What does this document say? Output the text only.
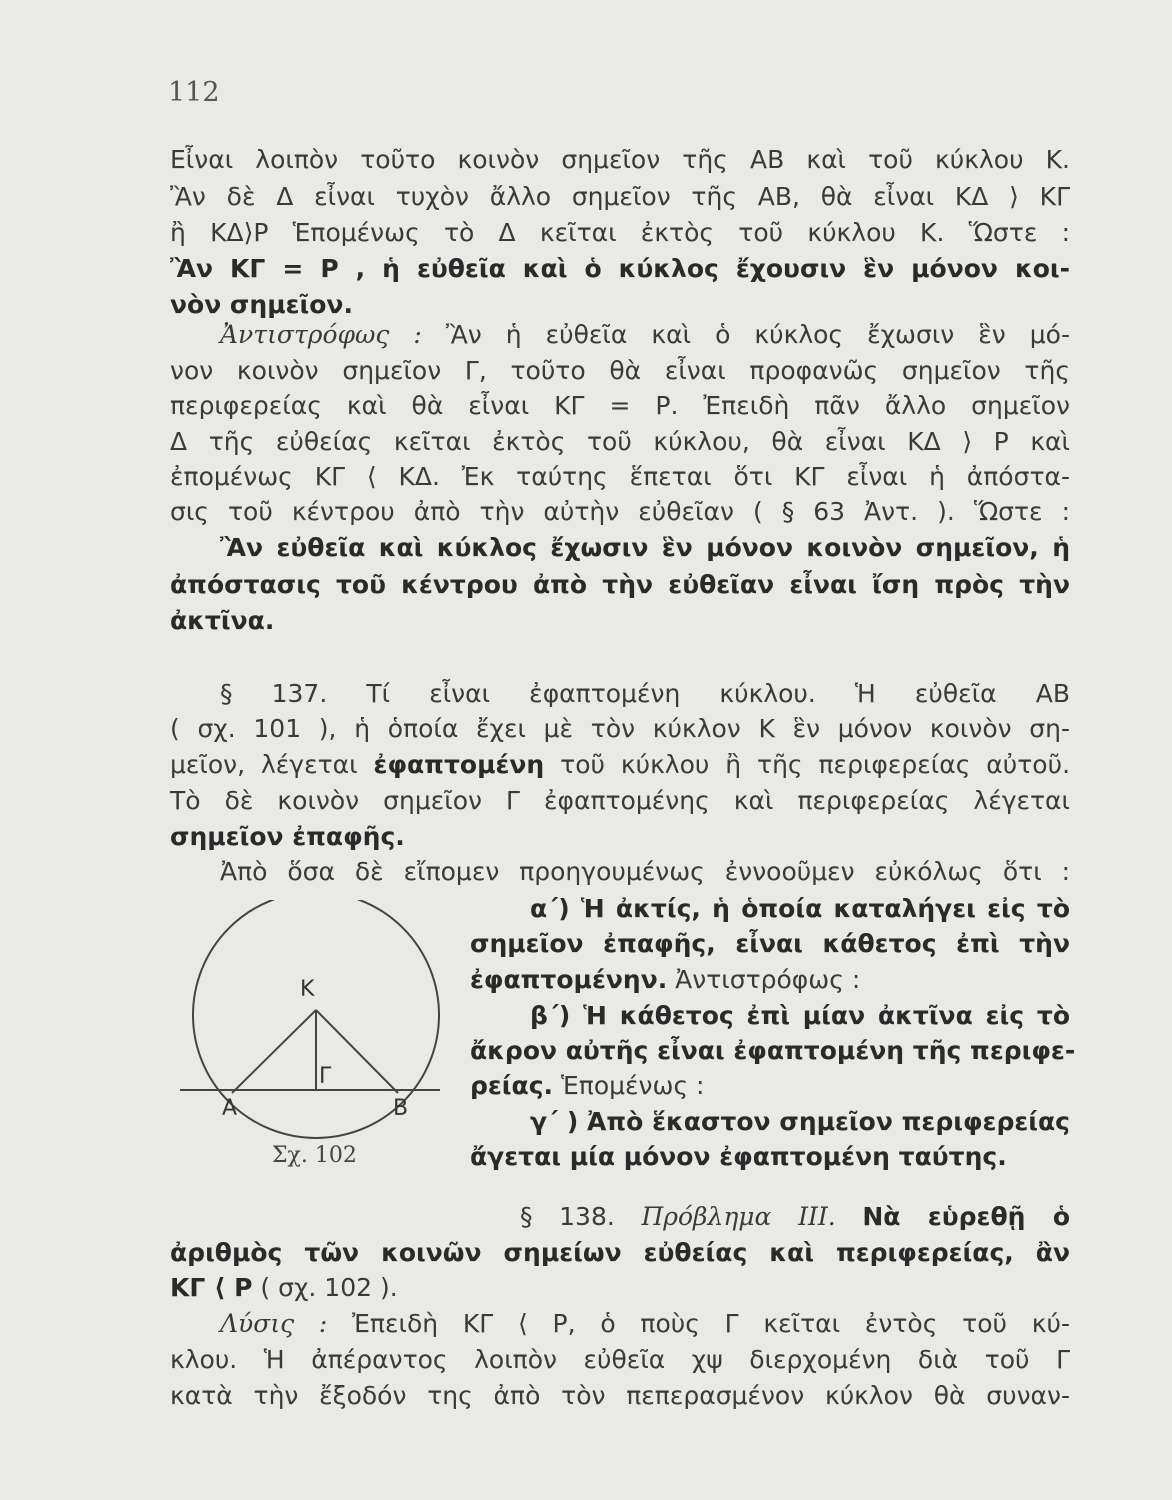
112
Εἶναι λοιπὸν τοῦτο κοινὸν σημεῖον τῆς ΑΒ καὶ τοῦ κύκλου Κ.
Ἂν δὲ Δ εἶναι τυχὸν ἄλλο σημεῖον τῆς ΑΒ, θὰ εἶναι ΚΔ ⟩ ΚΓ
ἢ ΚΔ⟩Ρ Ἑπομένως τὸ Δ κεῖται ἐκτὸς τοῦ κύκλου Κ. Ὥστε :
Ἂν ΚΓ = Ρ , ἡ εὐθεῖα καὶ ὁ κύκλος ἔχουσιν ἓν μόνον κοι-
νὸν σημεῖον.
Ἀντιστρόφως : Ἂν ἡ εὐθεῖα καὶ ὁ κύκλος ἔχωσιν ἓν μό-
νον κοινὸν σημεῖον Γ, τοῦτο θὰ εἶναι προφανῶς σημεῖον τῆς
περιφερείας καὶ θὰ εἶναι ΚΓ = Ρ. Ἐπειδὴ πᾶν ἄλλο σημεῖον
Δ τῆς εὐθείας κεῖται ἐκτὸς τοῦ κύκλου, θὰ εἶναι ΚΔ ⟩ Ρ καὶ
ἐπομένως ΚΓ ⟨ ΚΔ. Ἐκ ταύτης ἕπεται ὅτι ΚΓ εἶναι ἡ ἀπόστα-
σις τοῦ κέντρου ἀπὸ τὴν αὐτὴν εὐθεῖαν ( § 63 Ἀντ. ). Ὥστε :
Ἂν εὐθεῖα καὶ κύκλος ἔχωσιν ἓν μόνον κοινὸν σημεῖον, ἡ
ἀπόστασις τοῦ κέντρου ἀπὸ τὴν εὐθεῖαν εἶναι ἴση πρὸς τὴν
ἀκτῖνα.
§ 137. Τί εἶναι ἐφαπτομένη κύκλου. Ἡ εὐθεῖα ΑΒ
( σχ. 101 ), ἡ ὁποία ἔχει μὲ τὸν κύκλον Κ ἓν μόνον κοινὸν ση-
μεῖον, λέγεται ἐφαπτομένη τοῦ κύκλου ἢ τῆς περιφερείας αὐτοῦ.
Τὸ δὲ κοινὸν σημεῖον Γ ἐφαπτομένης καὶ περιφερείας λέγεται
σημεῖον ἐπαφῆς.
Ἀπὸ ὅσα δὲ εἴπομεν προηγουμένως ἐννοοῦμεν εὐκόλως ὅτι :
α΄) Ἡ ἀκτίς, ἡ ὁποία καταλήγει εἰς τὸ
σημεῖον ἐπαφῆς, εἶναι κάθετος ἐπὶ τὴν
ἐφαπτομένην. Ἀντιστρόφως :
β΄) Ἡ κάθετος ἐπὶ μίαν ἀκτῖνα εἰς τὸ
ἄκρον αὐτῆς εἶναι ἐφαπτομένη τῆς περιφε-
ρείας. Ἑπομένως :
γ΄ ) Ἀπὸ ἕκαστον σημεῖον περιφερείας
ἄγεται μία μόνον ἐφαπτομένη ταύτης.
§ 138. Πρόβλημα ΙΙΙ. Νὰ εὑρεθῇ ὁ
ἀριθμὸς τῶν κοινῶν σημείων εὐθείας καὶ περιφερείας, ἂν
ΚΓ ⟨ Ρ ( σχ. 102 ).
Λύσις : Ἐπειδὴ ΚΓ ⟨ Ρ, ὁ ποὺς Γ κεῖται ἐντὸς τοῦ κύ-
κλου. Ἡ ἀπέραντος λοιπὸν εὐθεῖα χψ διερχομένη διὰ τοῦ Γ
κατὰ τὴν ἔξοδόν της ἀπὸ τὸν πεπερασμένον κύκλον θὰ συναν-
Κ
Γ
Α	Β
Σχ. 102
